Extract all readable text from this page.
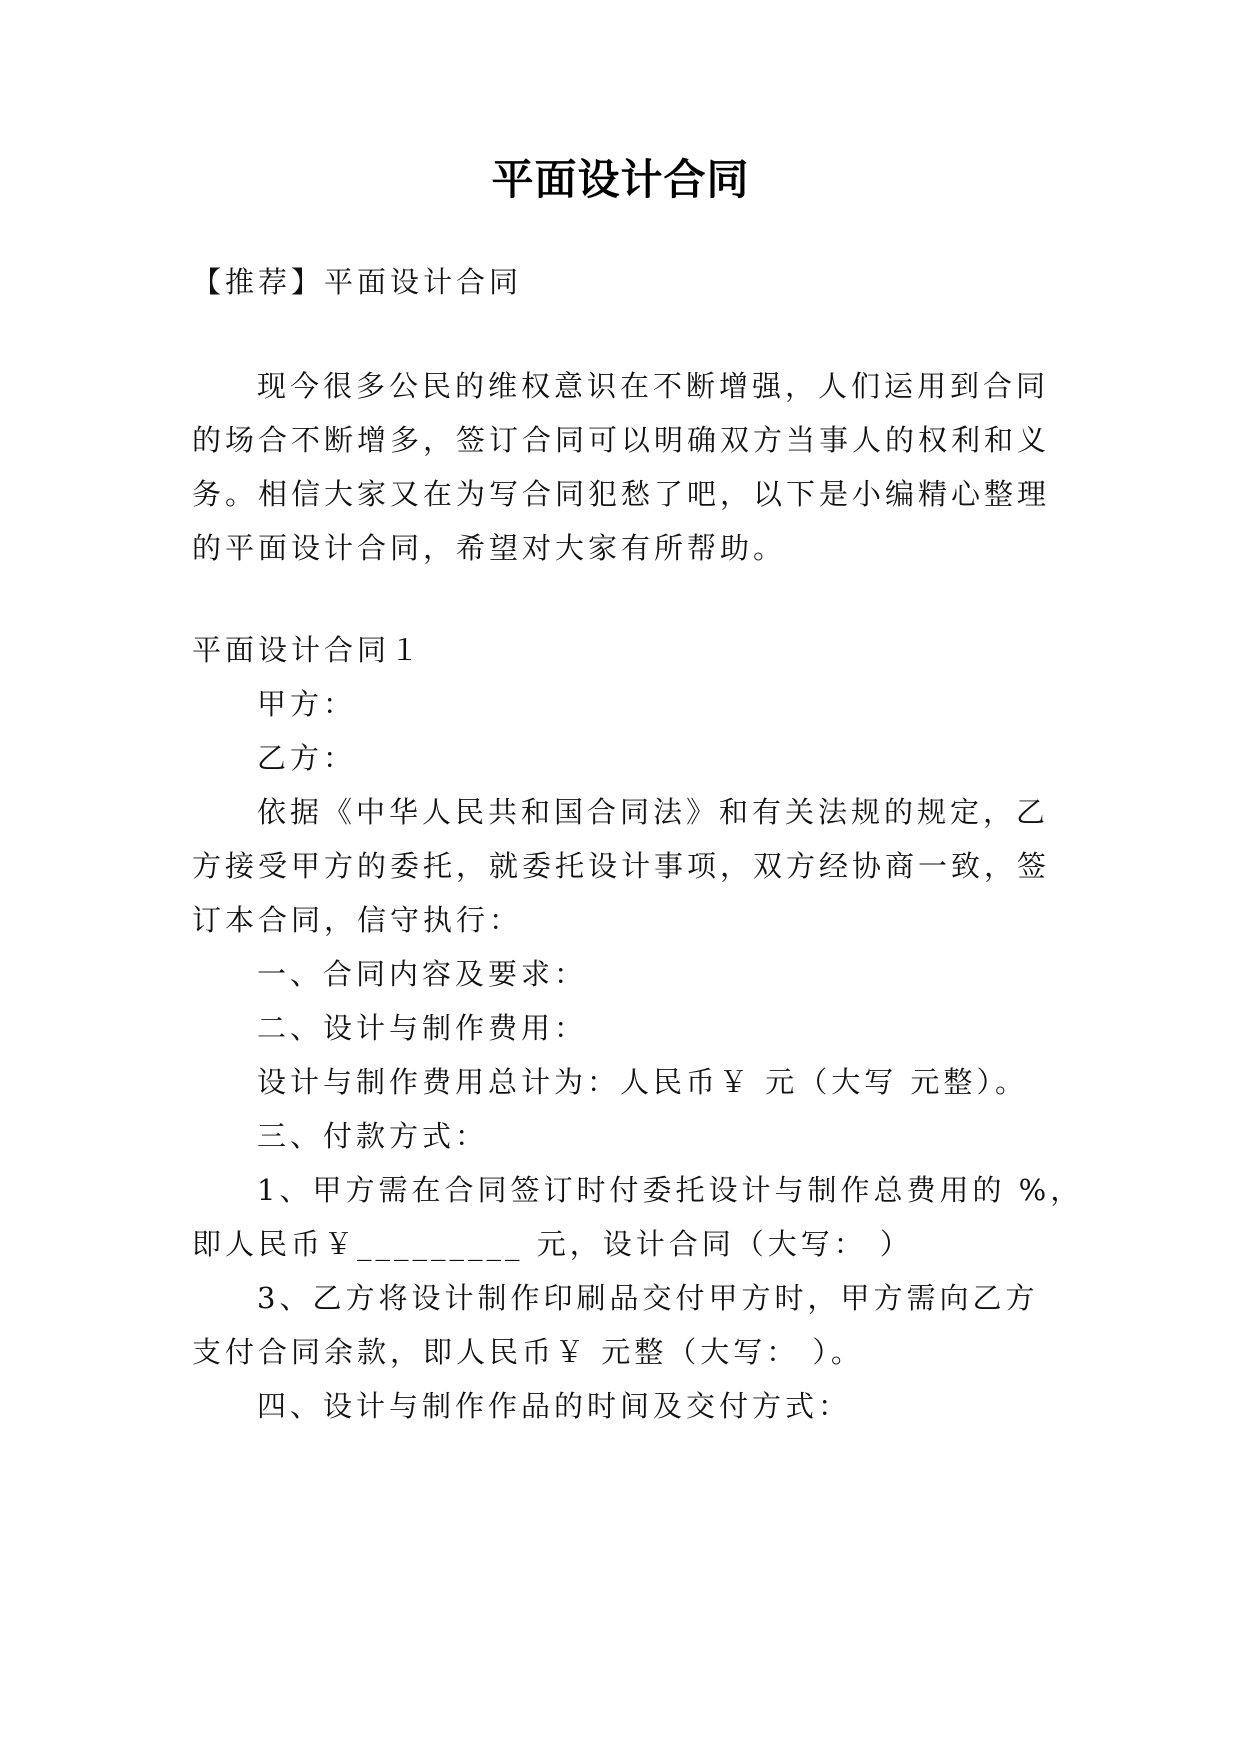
平面设计合同
【推荐】平面设计合同
现今很多公民的维权意识在不断增强，人们运用到合同
的场合不断增多，签订合同可以明确双方当事人的权利和义
务。相信大家又在为写合同犯愁了吧，以下是小编精心整理
的平面设计合同，希望对大家有所帮助。
平面设计合同１
甲方：
乙方：
依据《中华人民共和国合同法》和有关法规的规定，乙
方接受甲方的委托，就委托设计事项，双方经协商一致，签
订本合同，信守执行：
一、合同内容及要求：
二、设计与制作费用：
设计与制作费用总计为：人民币￥ 元（大写 元整）。
三、付款方式：
1、甲方需在合同签订时付委托设计与制作总费用的 %，
即人民币￥_________ 元，设计合同（大写： ）
3、乙方将设计制作印刷品交付甲方时，甲方需向乙方
支付合同余款，即人民币￥ 元整（大写： ）。
四、设计与制作作品的时间及交付方式：
